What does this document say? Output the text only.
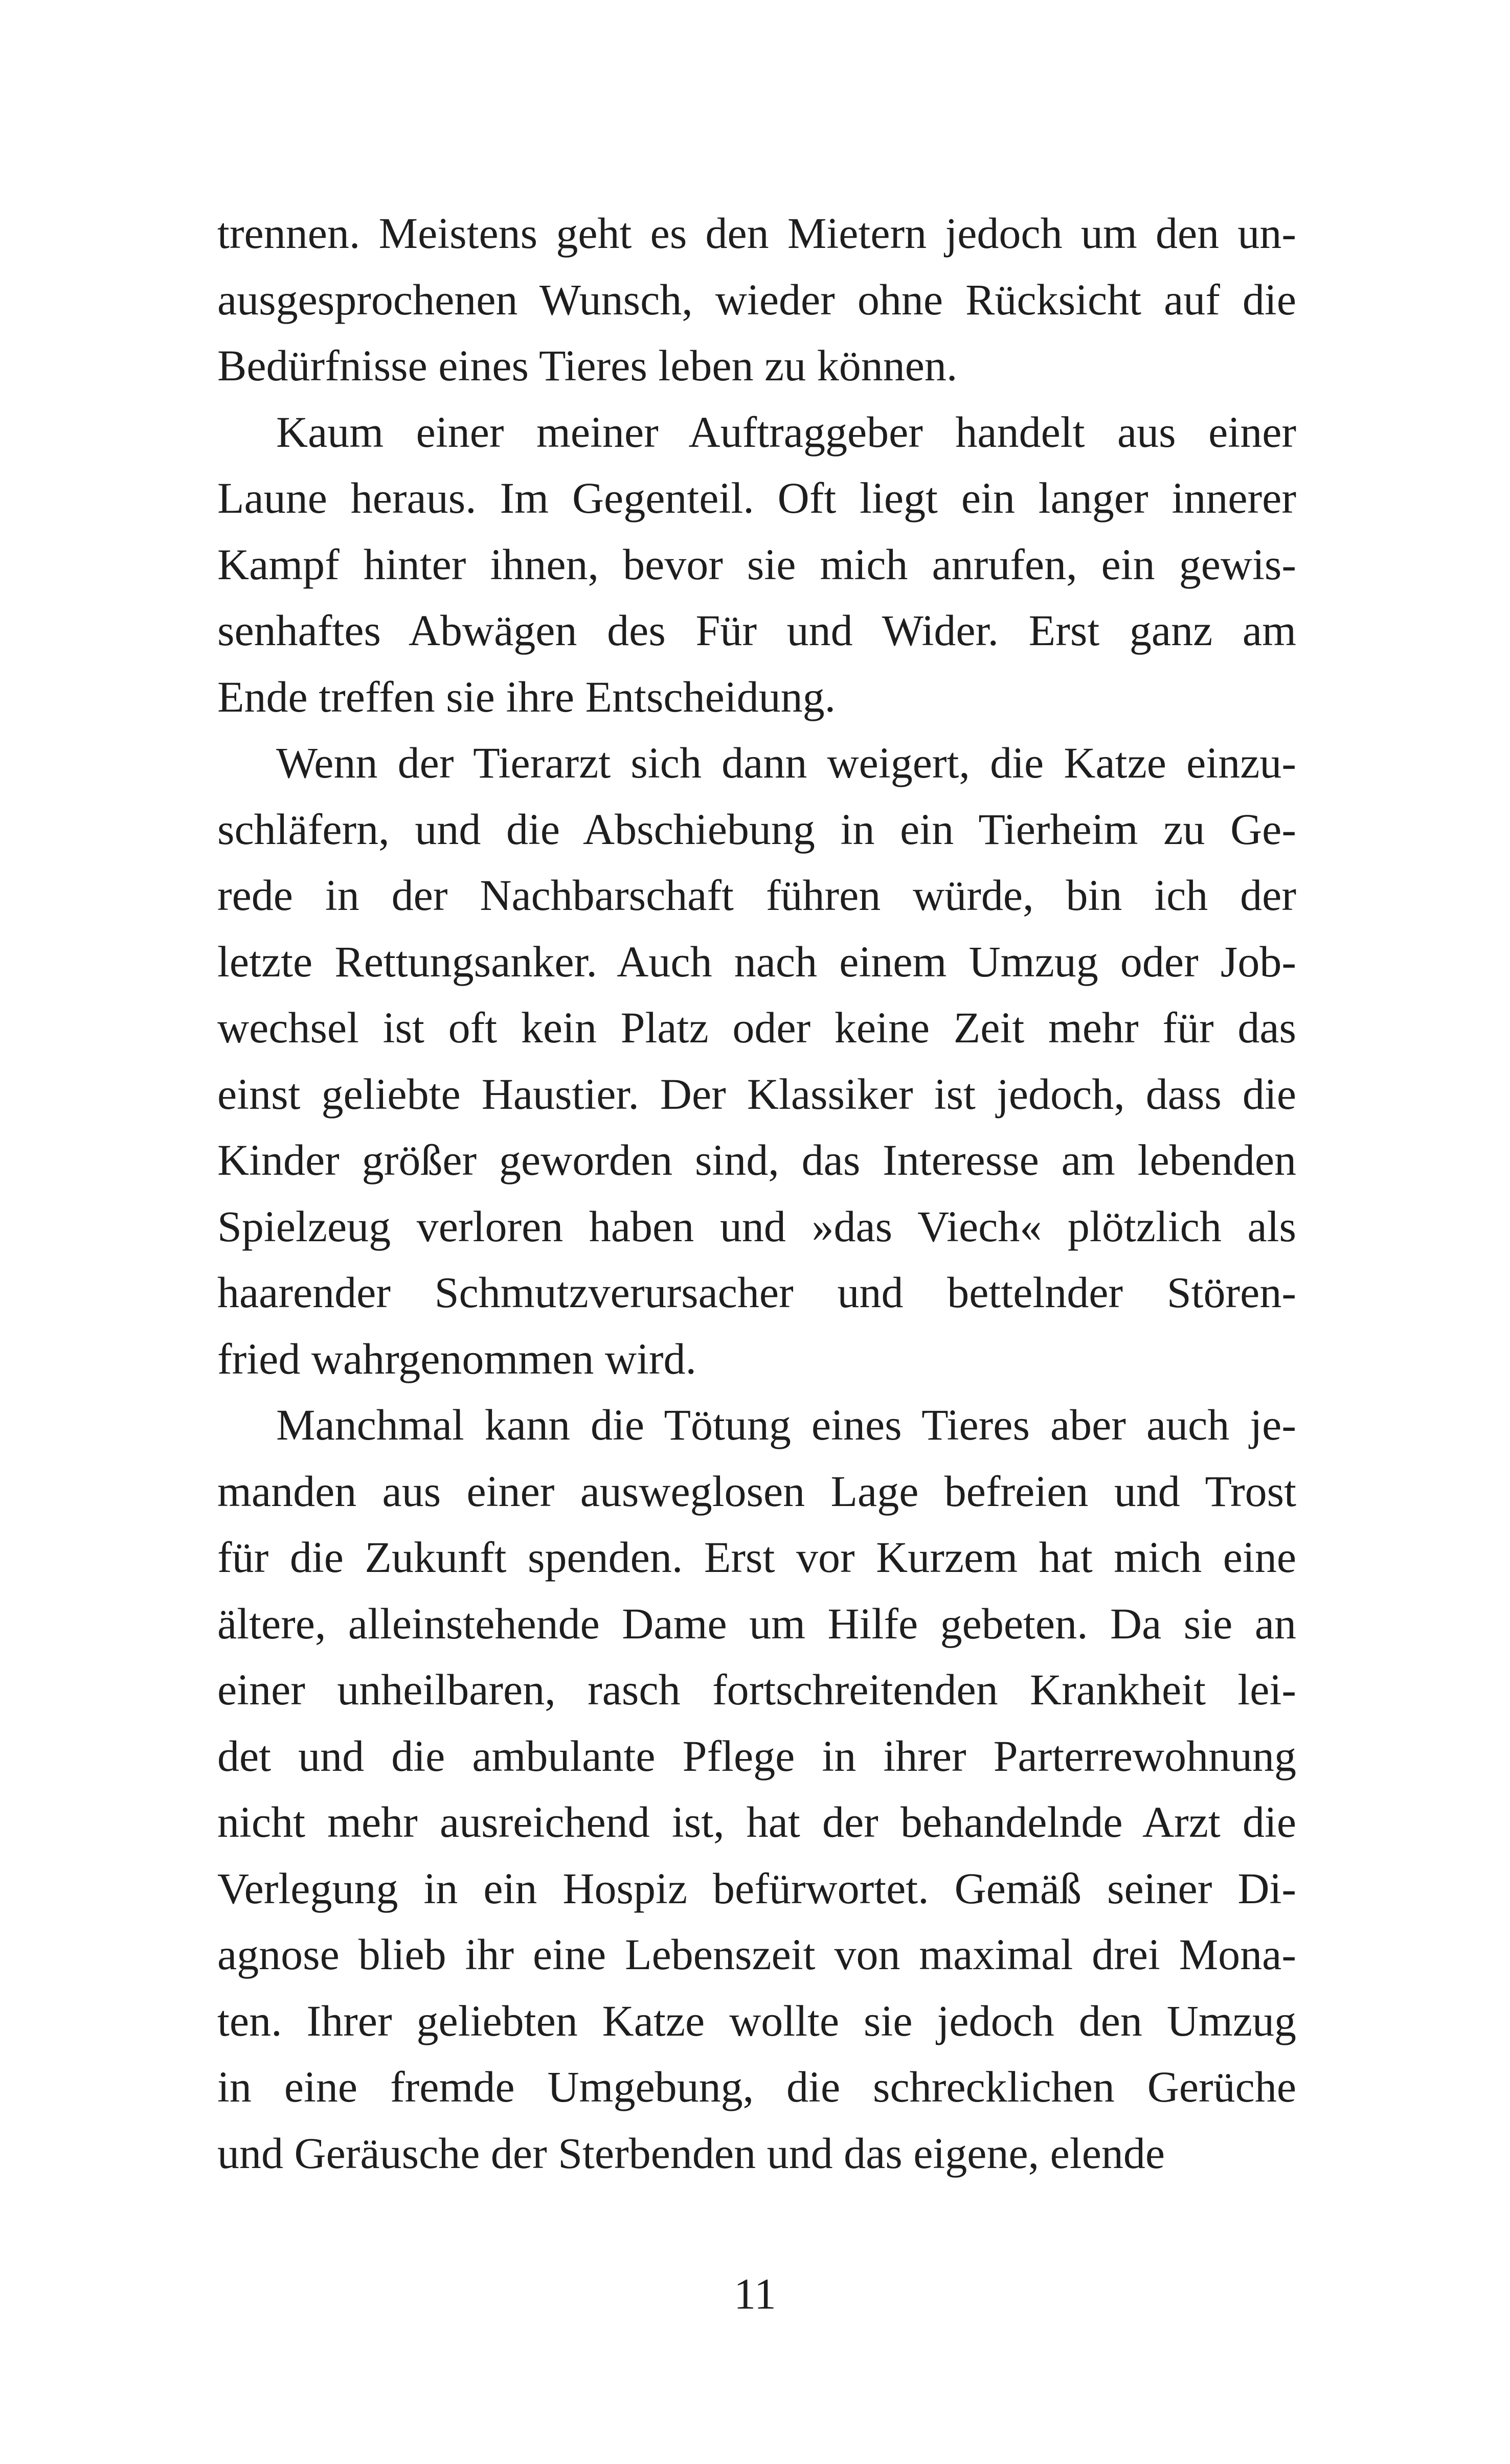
trennen. Meistens geht es den Mietern jedoch um den un-
ausgesprochenen Wunsch, wieder ohne Rücksicht auf die
Bedürfnisse eines Tieres leben zu können.
Kaum einer meiner Auftraggeber handelt aus einer
Laune heraus. Im Gegenteil. Oft liegt ein langer innerer
Kampf hinter ihnen, bevor sie mich anrufen, ein gewis-
senhaftes Abwägen des Für und Wider. Erst ganz am
Ende treffen sie ihre Entscheidung.
Wenn der Tierarzt sich dann weigert, die Katze einzu-
schläfern, und die Abschiebung in ein Tierheim zu Ge-
rede in der Nachbarschaft führen würde, bin ich der
letzte Rettungsanker. Auch nach einem Umzug oder Job-
wechsel ist oft kein Platz oder keine Zeit mehr für das
einst geliebte Haustier. Der Klassiker ist jedoch, dass die
Kinder größer geworden sind, das Interesse am lebenden
Spielzeug verloren haben und »das Viech« plötzlich als
haarender Schmutzverursacher und bettelnder Stören-
fried wahrgenommen wird.
Manchmal kann die Tötung eines Tieres aber auch je-
manden aus einer ausweglosen Lage befreien und Trost
für die Zukunft spenden. Erst vor Kurzem hat mich eine
ältere, alleinstehende Dame um Hilfe gebeten. Da sie an
einer unheilbaren, rasch fortschreitenden Krankheit lei-
det und die ambulante Pflege in ihrer Parterrewohnung
nicht mehr ausreichend ist, hat der behandelnde Arzt die
Verlegung in ein Hospiz befürwortet. Gemäß seiner Di-
agnose blieb ihr eine Lebenszeit von maximal drei Mona-
ten. Ihrer geliebten Katze wollte sie jedoch den Umzug
in eine fremde Umgebung, die schrecklichen Gerüche
und Geräusche der Sterbenden und das eigene, elende
11
